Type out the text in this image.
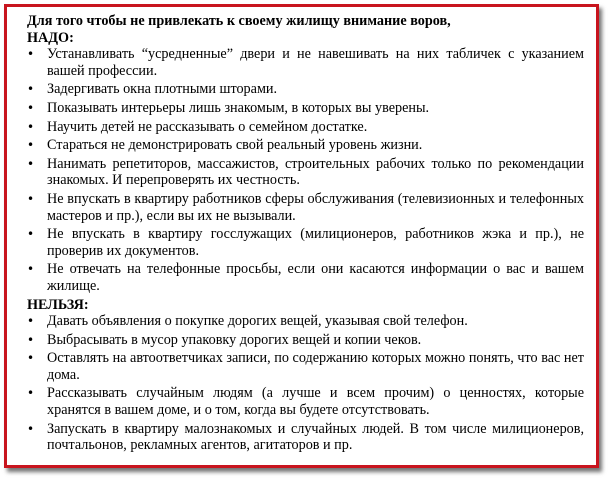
Для того чтобы не привлекать к своему жилищу внимание воров,

НАДО:

• Устанавливать “усредненные” двери и не навешивать на них табличек с указанием вашей профессии.
• Задергивать окна плотными шторами.
• Показывать интерьеры лишь знакомым, в которых вы уверены.
• Научить детей не рассказывать о семейном достатке.
• Стараться не демонстрировать свой реальный уровень жизни.
• Нанимать репетиторов, массажистов, строительных рабочих только по рекомендации знакомых. И перепроверять их честность.
• Не впускать в квартиру работников сферы обслуживания (телевизионных и телефонных мастеров и пр.), если вы их не вызывали.
• Не впускать в квартиру госслужащих (милиционеров, работников жэка и пр.), не проверив их документов.
• Не отвечать на телефонные просьбы, если они касаются информации о вас и вашем жилище.

НЕЛЬЗЯ:

• Давать объявления о покупке дорогих вещей, указывая свой телефон.
• Выбрасывать в мусор упаковку дорогих вещей и копии чеков.
• Оставлять на автоответчиках записи, по содержанию которых можно понять, что вас нет дома.
• Рассказывать случайным людям (а лучше и всем прочим) о ценностях, которые хранятся в вашем доме, и о том, когда вы будете отсутствовать.
• Запускать в квартиру малознакомых и случайных людей. В том числе милиционеров, почтальонов, рекламных агентов, агитаторов и пр.
